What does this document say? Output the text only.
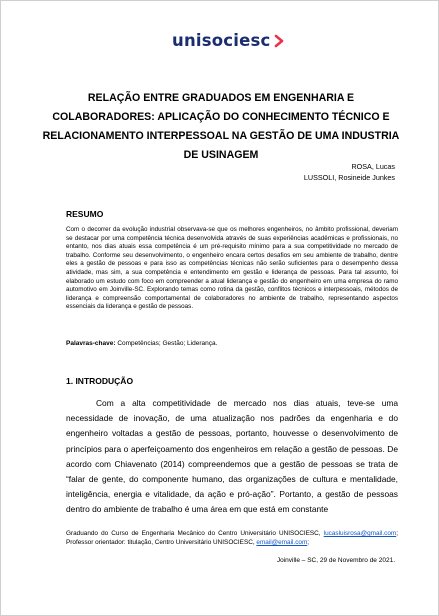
unisociesc
RELAÇÃO ENTRE GRADUADOS EM ENGENHARIA E COLABORADORES: APLICAÇÃO DO CONHECIMENTO TÉCNICO E RELACIONAMENTO INTERPESSOAL NA GESTÃO DE UMA INDUSTRIA DE USINAGEM
ROSA, Lucas
LUSSOLI, Rosineide Junkes
RESUMO
Com o decorrer da evolução industrial observava-se que os melhores engenheiros, no âmbito profissional, deveriam se destacar por uma competência técnica desenvolvida através de suas experiências acadêmicas e profissionais, no entanto, nos dias atuais essa competência é um pré-requisito mínimo para a sua competitividade no mercado de trabalho. Conforme seu desenvolvimento, o engenheiro encara certos desafios em seu ambiente de trabalho, dentre eles a gestão de pessoas e para isso as competências técnicas não serão suficientes para o desempenho dessa atividade, mas sim, a sua competência e entendimento em gestão e liderança de pessoas. Para tal assunto, foi elaborado um estudo com foco em compreender a atual liderança e gestão do engenheiro em uma empresa do ramo automotivo em Joinville-SC. Explorando temas como rotina da gestão, conflitos técnicos e interpessoais, métodos de liderança e compreensão comportamental de colaboradores no ambiente de trabalho, representando aspectos essenciais da liderança e gestão de pessoas.
Palavras-chave: Competências; Gestão; Liderança.
1. INTRODUÇÃO
Com a alta competitividade de mercado nos dias atuais, teve-se uma necessidade de inovação, de uma atualização nos padrões da engenharia e do engenheiro voltadas a gestão de pessoas, portanto, houvesse o desenvolvimento de princípios para o aperfeiçoamento dos engenheiros em relação a gestão de pessoas. De acordo com Chiavenato (2014) compreendemos que a gestão de pessoas se trata de “falar de gente, do componente humano, das organizações de cultura e mentalidade, inteligência, energia e vitalidade, da ação e pró-ação”. Portanto, a gestão de pessoas dentro do ambiente de trabalho é uma área em que está em constante
Graduando do Curso de Engenharia Mecânico do Centro Universitário UNISOCIESC, lucasluisrosa@gmail.com; Professor orientador: titulação, Centro Universitário UNISOCIESC, email@email.com;
Joinville – SC, 29 de Novembro de 2021.
